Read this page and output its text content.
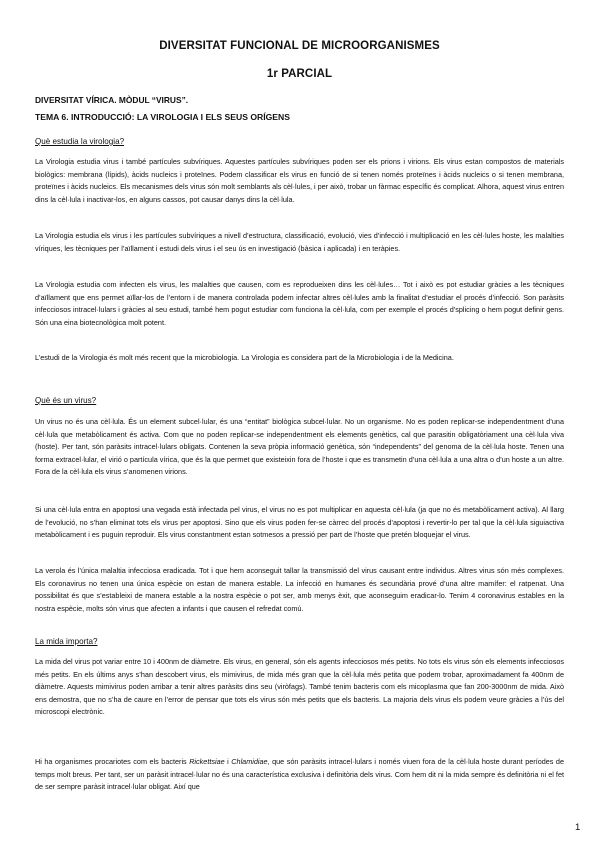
DIVERSITAT FUNCIONAL DE MICROORGANISMES
1r PARCIAL
DIVERSITAT VÍRICA. MÒDUL “VIRUS”.
TEMA 6. INTRODUCCIÓ: LA VIROLOGIA I ELS SEUS ORÍGENS
Què estudia la virologia?

La Virologia estudia virus i també partícules subvíriques. Aquestes partícules subvíriques poden ser els prions i virions. Els virus estan compostos de materials biològics: membrana (lípids), àcids nucleics i proteïnes. Podem classificar els virus en funció de si tenen només proteïnes i àcids nucleics o si tenen membrana, proteïnes i àcids nucleics. Els mecanismes dels virus són molt semblants als cèl·lules, i per això, trobar un fàrmac específic és complicat. Alhora, aquest virus entren dins la cèl·lula i inactivar-los, en alguns cassos, pot causar danys dins la cèl·lula.

La Virologia estudia els virus i les partícules subvíriques a nivell d’estructura, classificació, evolució, vies d’infecció i multiplicació en les cèl·lules hoste, les malalties víriques, les tècniques per l’aïllament i estudi dels virus i el seu ús en investigació (bàsica i aplicada) i en teràpies.

La Virologia estudia com infecten els virus, les malalties que causen, com es reprodueixen dins les cèl·lules… Tot i això es pot estudiar gràcies a les tècniques d’aïllament que ens permet aïllar-los de l’entorn i de manera controlada podem infectar altres cèl·lules amb la finalitat d’estudiar el procés d’infecció. Son paràsits infecciosos intracel·lulars i gràcies al seu estudi, també hem pogut estudiar com funciona la cèl·lula, com per exemple el procés d’splicing o hem pogut definir gens. Són una eina biotecnològica molt potent.

L’estudi de la Virologia és molt més recent que la microbiologia. La Virologia es considera part de la Microbiologia i de la Medicina.

Què és un virus?

Un virus no és una cèl·lula. És un element subcel·lular, és una “entitat” biològica subcel·lular. No un organisme. No es poden replicar-se independentment d’una cèl·lula que metabòlicament és activa. Com que no poden replicar-se independentment els elements genètics, cal que parasitin obligatòriament una cèl·lula viva (hoste). Per tant, són paràsits intracel·lulars obligats. Contenen la seva pròpia informació genètica, són “independents” del genoma de la cèl·lula hoste. Tenen una forma extracel·lular, el virió o partícula vírica, que és la que permet que existeixin fora de l’hoste i que es transmetin d’una cèl·lula a una altra o d’un hoste a un altre. Fora de la cèl·lula els virus s’anomenen virions.

Si una cèl·lula entra en apoptosi una vegada està infectada pel virus, el virus no es pot multiplicar en aquesta cèl·lula (ja que no és metabòlicament activa). Al llarg de l’evolució, no s’han eliminat tots els virus per apoptosi. Sino que els virus poden fer-se càrrec del procés d’apoptosi i revertir-lo per tal que la cèl·lula siguiactiva metabòlicament i es puguin reproduir. Els virus constantment estan sotmesos a pressió per part de l’hoste que pretén bloquejar el virus.

La verola és l’única malaltia infecciosa eradicada. Tot i que hem aconseguit tallar la transmissió del virus causant entre individus. Altres virus són més complexes. Els coronavirus no tenen una única espècie on estan de manera estable. La infecció en humanes és secundària prové d’una altre mamífer: el ratpenat. Una possibilitat és que s’estableixi de manera estable a la nostra espècie o pot ser, amb menys èxit, que aconseguim eradicar-lo. Tenim 4 coronavirus estables en la nostra espècie, molts són virus que afecten a infants i que causen el refredat comú.

La mida importa?

La mida del virus pot variar entre 10 i 400nm de diàmetre. Els virus, en general, són els agents infecciosos més petits. No tots els virus són els elements infecciosos més petits. En els últims anys s’han descobert virus, els mimivirus, de mida més gran que la cèl·lula més petita que podem trobar, aproximadament fa 400nm de diàmetre. Aquests mimivirus poden arribar a tenir altres paràsits dins seu (viròfags). També tenim bacteris com els micoplasma que fan 200-3000nm de mida. Això ens demostra, que no s’ha de caure en l’error de pensar que tots els virus són més petits que els bacteris. La majoria dels virus els podem veure gràcies a l’ús del microscopi electrònic.

Hi ha organismes procariotes com els bacteris Rickettsiae i Chlamidiae, que són paràsits intracel·lulars i només viuen fora de la cèl·lula hoste durant períodes de temps molt breus. Per tant, ser un paràsit intracel·lular no és una característica exclusiva i definitòria dels virus. Com hem dit ni la mida sempre és definitòria ni el fet de ser sempre paràsit intracel·lular obligat. Així que

1
